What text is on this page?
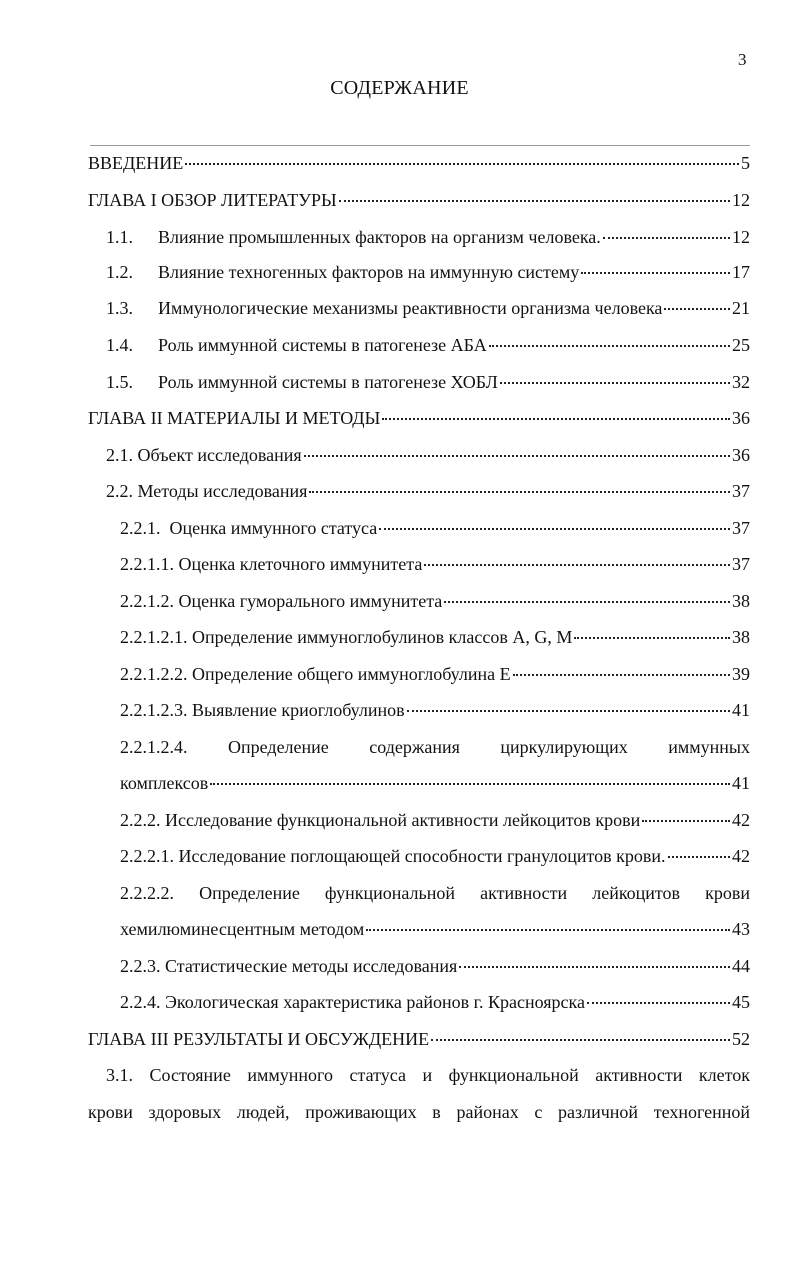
3
СОДЕРЖАНИЕ
ВВЕДЕНИЕ	5
ГЛАВА I ОБЗОР ЛИТЕРАТУРЫ	12
1.1.	Влияние промышленных факторов на организм человека.	12
1.2.	Влияние техногенных факторов на иммунную систему	17
1.3.	Иммунологические механизмы реактивности организма человека	21
1.4.	Роль иммунной системы в патогенезе АБА	25
1.5.	Роль иммунной системы в патогенезе ХОБЛ	32
ГЛАВА II МАТЕРИАЛЫ И МЕТОДЫ	36
2.1. Объект исследования	36
2.2. Методы исследования	37
2.2.1.  Оценка иммунного статуса	37
2.2.1.1. Оценка клеточного иммунитета	37
2.2.1.2. Оценка гуморального иммунитета	38
2.2.1.2.1. Определение иммуноглобулинов классов A, G, M	38
2.2.1.2.2. Определение общего иммуноглобулина E	39
2.2.1.2.3. Выявление криоглобулинов	41
2.2.1.2.4. Определение содержания циркулирующих иммунных
комплексов	41
2.2.2. Исследование функциональной активности лейкоцитов крови	42
2.2.2.1. Исследование поглощающей способности гранулоцитов крови.	42
2.2.2.2. Определение функциональной активности лейкоцитов крови
хемилюминесцентным методом	43
2.2.3. Статистические методы исследования	44
2.2.4. Экологическая характеристика районов г. Красноярска	45
ГЛАВА III РЕЗУЛЬТАТЫ И ОБСУЖДЕНИЕ	52
3.1. Состояние иммунного статуса и функциональной активности клеток
крови здоровых людей, проживающих в районах с различной техногенной
